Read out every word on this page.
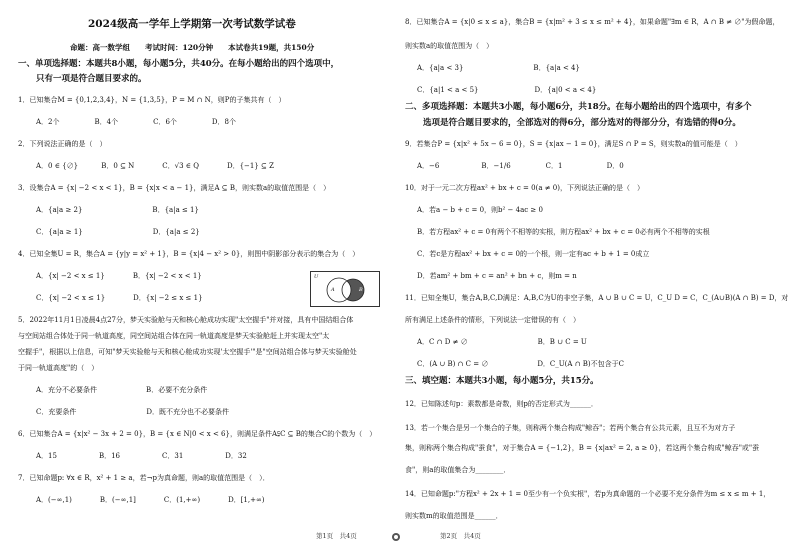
2024级高一学年上学期第一次考试数学试卷
命题：高一数学组　　考试时间：120分钟　　本试卷共19题，共150分
一、单项选择题：本题共8小题，每小题5分，共40分。在每小题给出的四个选项中，
只有一项是符合题目要求的。
1．已知集合M = {0,1,2,3,4}，N = {1,3,5}，P = M ∩ N，则P的子集共有（　）
A．2个　　　　　B．4个　　　　　C．6个　　　　　D．8个
2．下列说法正确的是（　）
A．0 ∈ {∅}　　　 B．0 ⊆ N　　　　C．√3 ∈ Q　　　　D．{−1} ⊆ Z
3．设集合A = {x| −2 < x < 1}，B = {x|x < a − 1}，满足A ⊆ B，则实数a的取值范围是（　）
A．{a|a ≥ 2}　　　　　　　　　　B．{a|a ≤ 1}
C．{a|a ≥ 1}　　　　　　　　　　D．{a|a ≤ 2}
4．已知全集U = R，集合A = {y|y = x² + 1}，B = {x|4 − x² > 0}，则图中阴影部分表示的集合为（　）
A．{x| −2 < x ≤ 1}　　　　B．{x| −2 < x < 1}
C．{x| −2 < x ≤ 1}　　　　D．{x| −2 ≤ x ≤ 1}
U
A	B
5．2022年11月1日凌晨4点27分，梦天实验舱与天和核心舱成功实现"太空握手"并对接，具有中国结组合体
与空间站组合体处于同一轨道高度，同空间站组合体在同一轨道高度是梦天实验舱赶上并实现太空"太
空握手"，根据以上信息，可知"梦天实验舱与天和核心舱成功实现'太空握手'"是"空间站组合体与梦天实验舱处
于同一轨道高度"的（　）
A．充分不必要条件　　　　　　　B．必要不充分条件
C．充要条件　　　　　　　　　　D．既不充分也不必要条件
6．已知集合A = {x|x² − 3x + 2 = 0}，B = {x ∈ N|0 < x < 6}，则满足条件A⫋C ⊆ B的集合C的个数为（　）
A．15　　　　　　B．16　　　　　　C．31　　　　　　D．32
7．已知命题p: ∀x ∈ R，x² + 1 ≥ a，若¬p为真命题，则a的取值范围是（　）．
A．(−∞,1)　　　　B．(−∞,1]　　　　C．(1,+∞)　　　　D．[1,+∞)
第1页　共4页
8．已知集合A = {x|0 ≤ x ≤ a}，集合B = {x|m² + 3 ≤ x ≤ m² + 4}，如果命题"∃m ∈ R，A ∩ B ≠ ∅"为假命题，
则实数a的取值范围为（　）
A．{a|a < 3}　　　　　　　　　　B．{a|a < 4}
C．{a|1 < a < 5}　　　　　　　　D．{a|0 < a < 4}
二、多项选择题：本题共3小题，每小题6分，共18分。在每小题给出的四个选项中，有多个
选项是符合题目要求的，全部选对的得6分，部分选对的得部分分，有选错的得0分。
9．若集合P = {x|x² + 5x − 6 = 0}，S = {x|ax − 1 = 0}，满足S ∩ P = S，则实数a的值可能是（　）
A．−6　　　　　　B．−1/6　　　　　C．1　　　　　　 D．0
10．对于一元二次方程ax² + bx + c = 0(a ≠ 0)，下列说法正确的是（　）
A．若a − b + c = 0，则b² − 4ac ≥ 0
B．若方程ax² + c = 0有两个不相等的实根，则方程ax² + bx + c = 0必有两个不相等的实根
C．若c是方程ax² + bx + c = 0的一个根，则一定有ac + b + 1 = 0成立
D．若am² + bm + c = an² + bn + c，则m = n
11．已知全集U，集合A,B,C,D满足：A,B,C为U的非空子集，A ∪ B ∪ C = U，C_U D = C，C_(A∪B)(A ∩ B) = D，对
所有满足上述条件的情形，下列说法一定错误的有（　）
A．C ∩ D ≠ ∅　　　　　　　　　　B．B ∪ C = U
C．(A ∪ B) ∩ C = ∅　　　　　　　D．C_U(A ∩ B)不包含于C
三、填空题：本题共3小题，每小题5分，共15分。
12．已知陈述句p：素数都是奇数，则p的否定形式为______．
13．若一个集合是另一个集合的子集，则称两个集合构成"鲸吞"；若两个集合有公共元素，且互不为对方子
集，则称两个集合构成"蚕食"，对于集合A = {−1,2}，B = {x|ax² = 2, a ≥ 0}，若这两个集合构成"鲸吞"或"蚕
食"，则a的取值集合为________．
14．已知命题p:"方程x² + 2x + 1 = 0至少有一个负实根"，若p为真命题的一个必要不充分条件为m ≤ x ≤ m + 1，
则实数m的取值范围是______．
第2页　共4页
